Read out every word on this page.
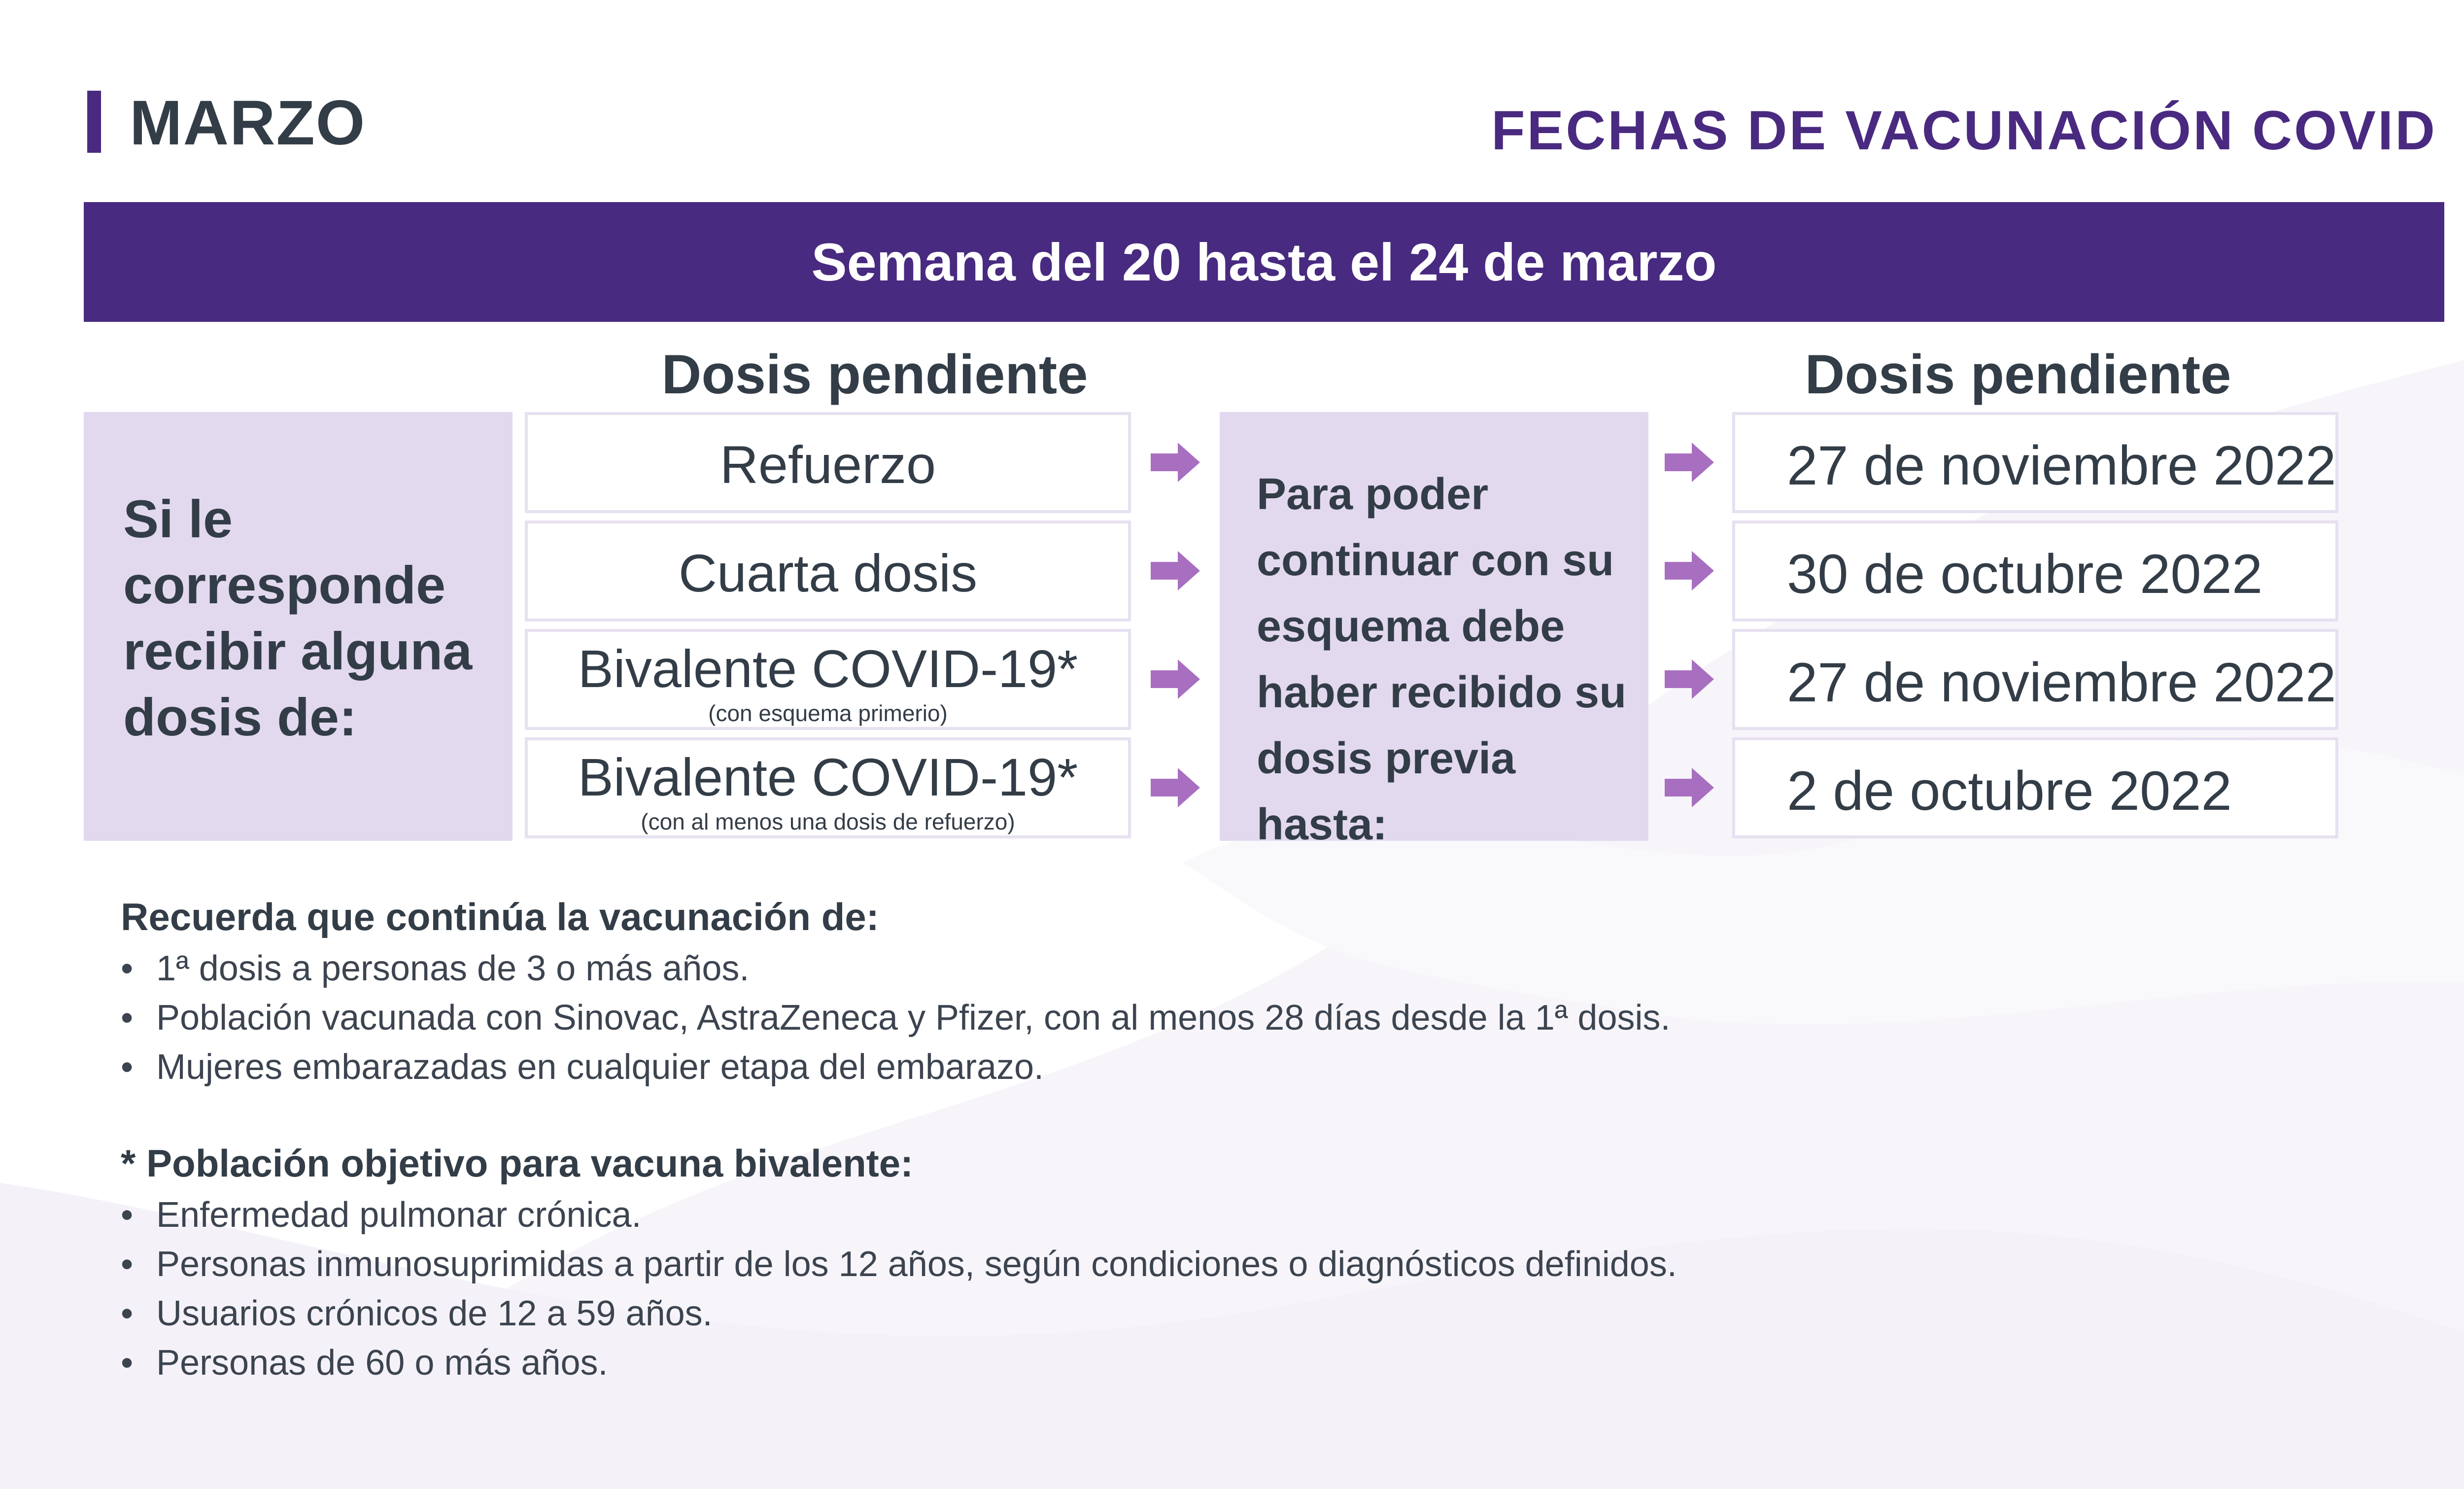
MARZO	FECHAS DE VACUNACIÓN COVID
Semana del 20 hasta el 24 de marzo
Dosis pendiente	Dosis pendiente
Si le corresponde recibir alguna dosis de:
Para poder continuar con su esquema debe haber recibido su dosis previa hasta:
Refuerzo
Cuarta dosis
Bivalente COVID-19*
(con esquema primerio)
Bivalente COVID-19*
(con al menos una dosis de refuerzo)
27 de noviembre 2022
30 de octubre 2022
27 de noviembre 2022
2 de octubre 2022
Recuerda que continúa la vacunación de:
• 1ª dosis a personas de 3 o más años.
• Población vacunada con Sinovac, AstraZeneca y Pfizer, con al menos 28 días desde la 1ª dosis.
• Mujeres embarazadas en cualquier etapa del embarazo.
* Población objetivo para vacuna bivalente:
• Enfermedad pulmonar crónica.
• Personas inmunosuprimidas a partir de los 12 años, según condiciones o diagnósticos definidos.
• Usuarios crónicos de 12 a 59 años.
• Personas de 60 o más años.
